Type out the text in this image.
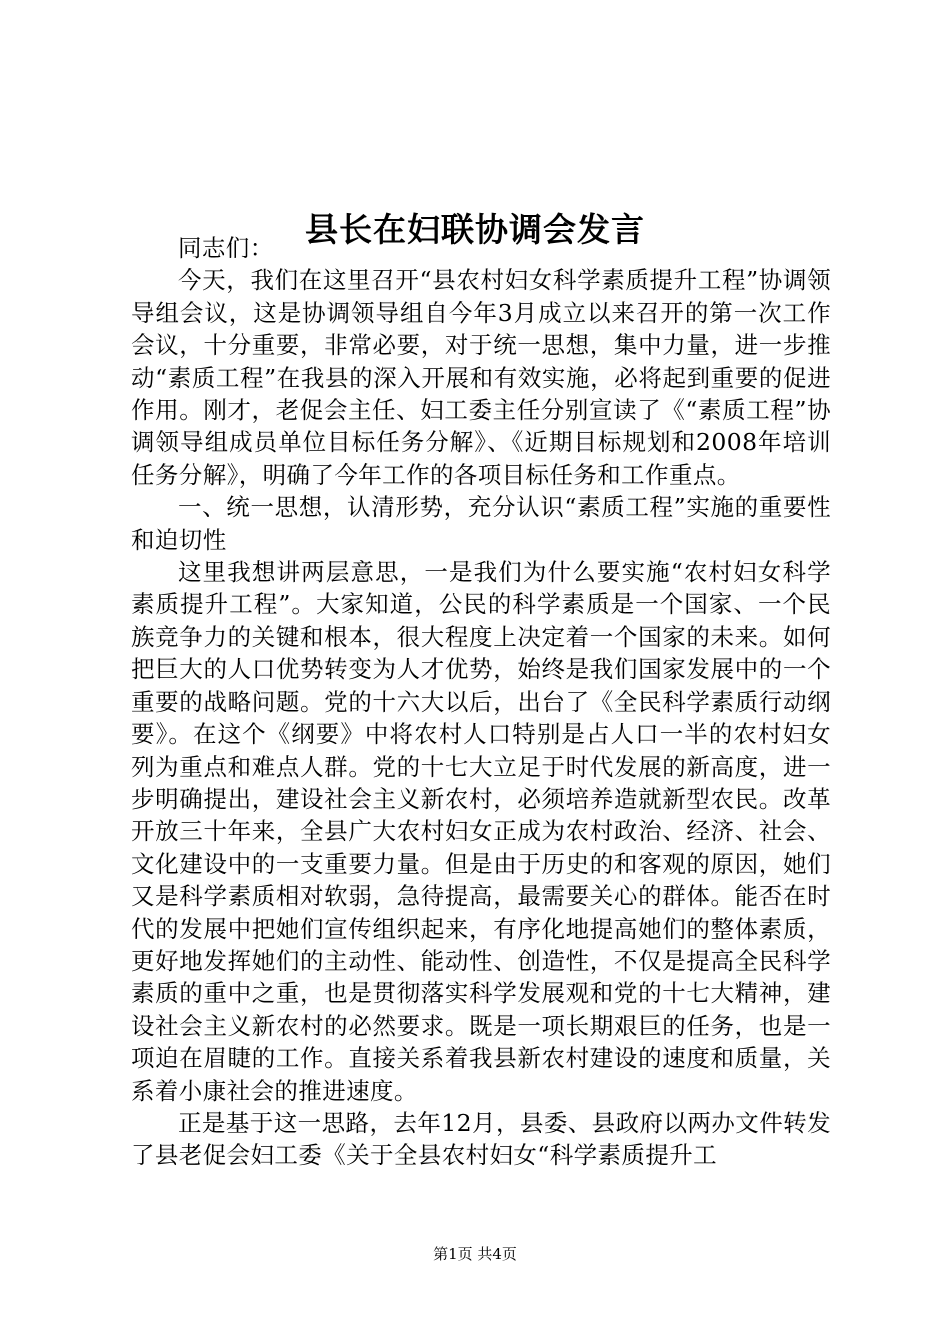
县长在妇联协调会发言

同志们：

今天，我们在这里召开“县农村妇女科学素质提升工程”协调领导组会议，这是协调领导组自今年3月成立以来召开的第一次工作会议，十分重要，非常必要，对于统一思想，集中力量，进一步推动“素质工程”在我县的深入开展和有效实施，必将起到重要的促进作用。刚才，老促会主任、妇工委主任分别宣读了《“素质工程”协调领导组成员单位目标任务分解》、《近期目标规划和2008年培训任务分解》，明确了今年工作的各项目标任务和工作重点。

一、统一思想，认清形势，充分认识“素质工程”实施的重要性和迫切性

这里我想讲两层意思，一是我们为什么要实施“农村妇女科学素质提升工程”。大家知道，公民的科学素质是一个国家、一个民族竞争力的关键和根本，很大程度上决定着一个国家的未来。如何把巨大的人口优势转变为人才优势，始终是我们国家发展中的一个重要的战略问题。党的十六大以后，出台了《全民科学素质行动纲要》。在这个《纲要》中将农村人口特别是占人口一半的农村妇女列为重点和难点人群。党的十七大立足于时代发展的新高度，进一步明确提出，建设社会主义新农村，必须培养造就新型农民。改革开放三十年来，全县广大农村妇女正成为农村政治、经济、社会、文化建设中的一支重要力量。但是由于历史的和客观的原因，她们又是科学素质相对软弱，急待提高，最需要关心的群体。能否在时代的发展中把她们宣传组织起来，有序化地提高她们的整体素质，更好地发挥她们的主动性、能动性、创造性，不仅是提高全民科学素质的重中之重，也是贯彻落实科学发展观和党的十七大精神，建设社会主义新农村的必然要求。既是一项长期艰巨的任务，也是一项迫在眉睫的工作。直接关系着我县新农村建设的速度和质量，关系着小康社会的推进速度。

正是基于这一思路，去年12月，县委、县政府以两办文件转发了县老促会妇工委《关于全县农村妇女“科学素质提升工

第1页 共4页
